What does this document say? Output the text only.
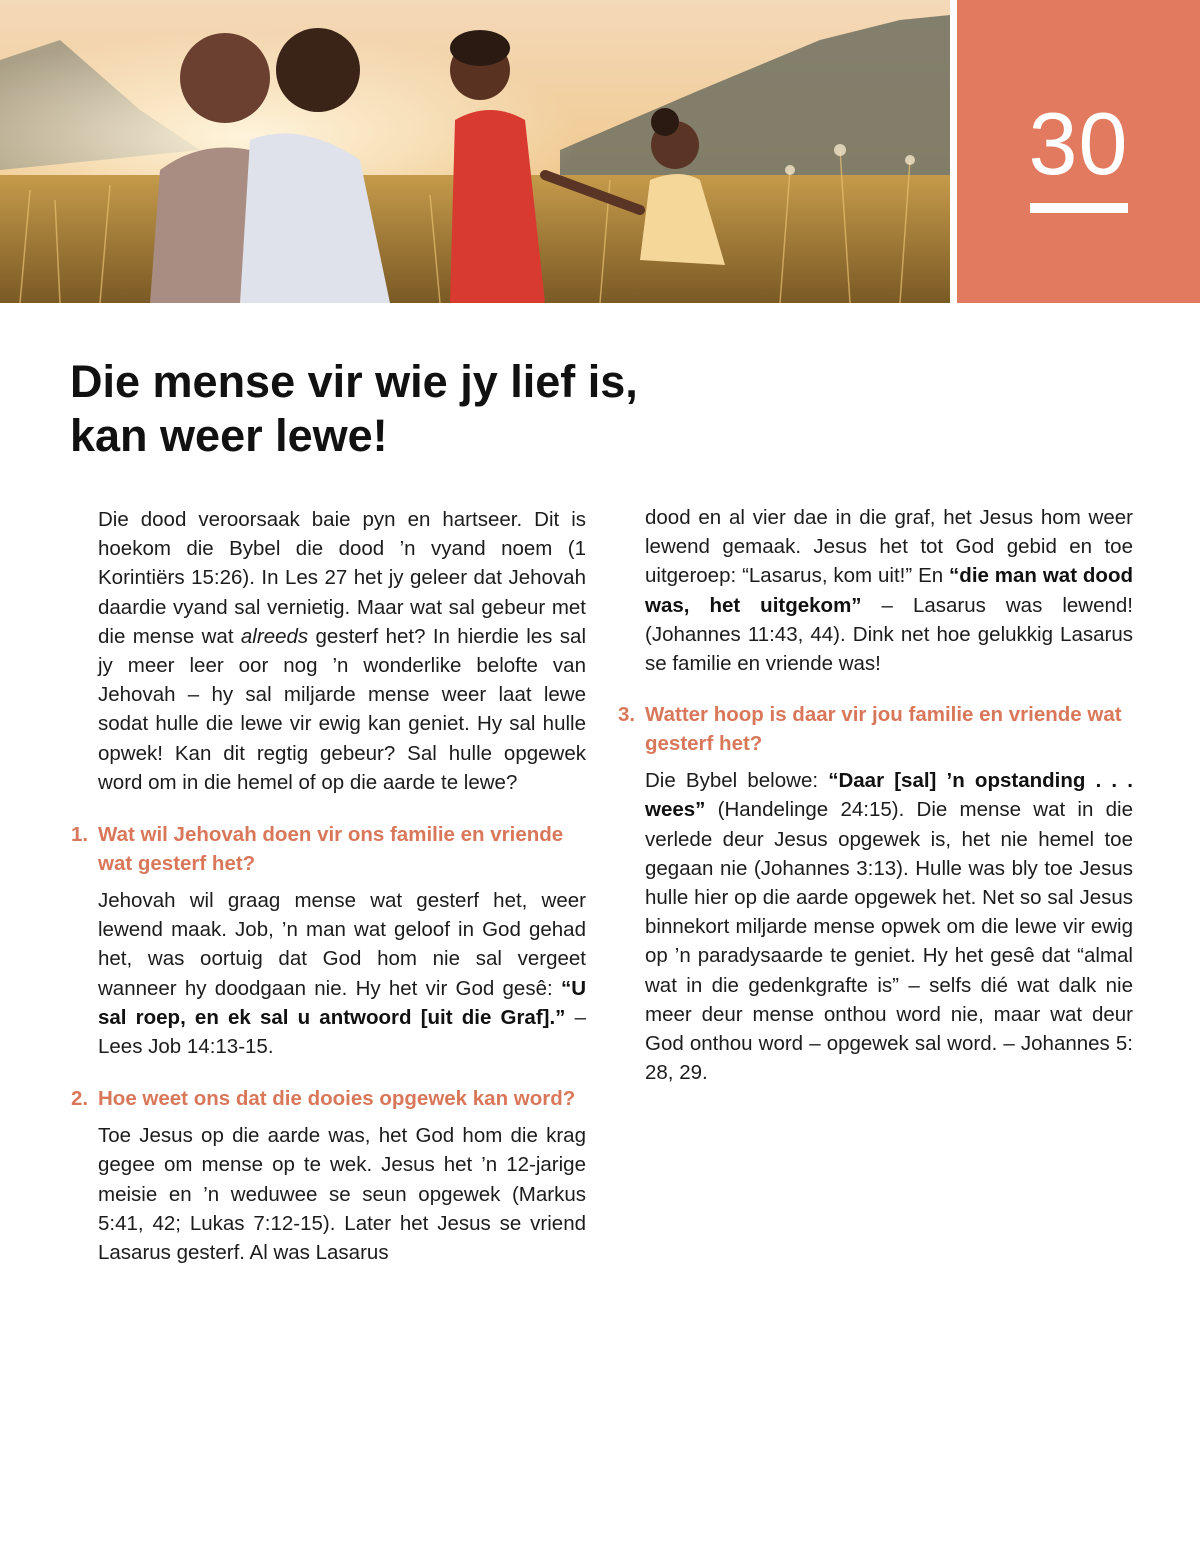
30
Die mense vir wie jy lief is,
kan weer lewe!

Die dood veroorsaak baie pyn en hartseer. Dit is hoekom die Bybel die dood ’n vyand noem (1 Korintiërs 15:26). In Les 27 het jy geleer dat Jehovah daardie vyand sal vernietig. Maar wat sal gebeur met die mense wat alreeds gesterf het? In hierdie les sal jy meer leer oor nog ’n wonderlike belofte van Jehovah – hy sal miljarde mense weer laat lewe sodat hulle die lewe vir ewig kan geniet. Hy sal hulle opwek! Kan dit regtig gebeur? Sal hulle opgewek word om in die hemel of op die aarde te lewe?

1. Wat wil Jehovah doen vir ons familie en vriende wat gesterf het?

Jehovah wil graag mense wat gesterf het, weer lewend maak. Job, ’n man wat geloof in God gehad het, was oortuig dat God hom nie sal vergeet wanneer hy doodgaan nie. Hy het vir God gesê: “U sal roep, en ek sal u antwoord [uit die Graf].” – Lees Job 14:13-15.

2. Hoe weet ons dat die dooies opgewek kan word?

Toe Jesus op die aarde was, het God hom die krag gegee om mense op te wek. Jesus het ’n 12-jarige meisie en ’n weduwee se seun opgewek (Markus 5:41, 42; Lukas 7:12-15). Later het Jesus se vriend Lasarus gesterf. Al was Lasarus

dood en al vier dae in die graf, het Jesus hom weer lewend gemaak. Jesus het tot God gebid en toe uitgeroep: “Lasarus, kom uit!” En “die man wat dood was, het uitgekom” – Lasarus was lewend! (Johannes 11:43, 44). Dink net hoe gelukkig Lasarus se familie en vriende was!

3. Watter hoop is daar vir jou familie en vriende wat gesterf het?

Die Bybel belowe: “Daar [sal] ’n opstanding . . . wees” (Handelinge 24:15). Die mense wat in die verlede deur Jesus opgewek is, het nie hemel toe gegaan nie (Johannes 3:13). Hulle was bly toe Jesus hulle hier op die aarde opgewek het. Net so sal Jesus binnekort miljarde mense opwek om die lewe vir ewig op ’n paradysaarde te geniet. Hy het gesê dat “almal wat in die gedenkgrafte is” – selfs dié wat dalk nie meer deur mense onthou word nie, maar wat deur God onthou word – opgewek sal word. – Johannes 5: 28, 29.
